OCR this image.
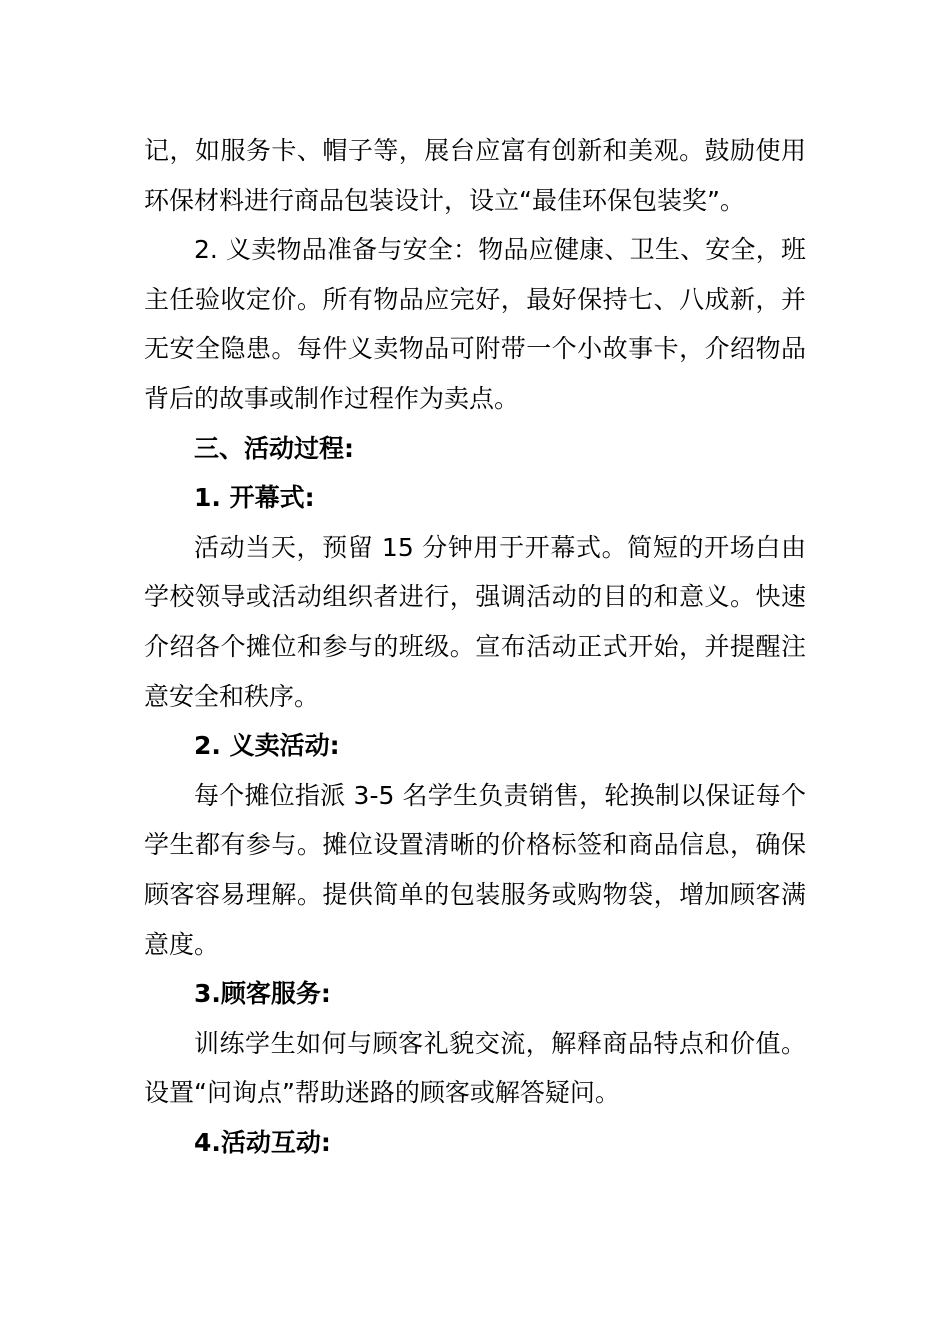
记，如服务卡、帽子等，展台应富有创新和美观。鼓励使用环保材料进行商品包装设计，设立“最佳环保包装奖”。

2. 义卖物品准备与安全：物品应健康、卫生、安全，班主任验收定价。所有物品应完好，最好保持七、八成新，并无安全隐患。每件义卖物品可附带一个小故事卡，介绍物品背后的故事或制作过程作为卖点。

三、活动过程:

1. 开幕式:

活动当天，预留 15 分钟用于开幕式。简短的开场白由学校领导或活动组织者进行，强调活动的目的和意义。快速介绍各个摊位和参与的班级。宣布活动正式开始，并提醒注意安全和秩序。

2. 义卖活动:

每个摊位指派 3-5 名学生负责销售，轮换制以保证每个学生都有参与。摊位设置清晰的价格标签和商品信息，确保顾客容易理解。提供简单的包装服务或购物袋，增加顾客满意度。

3.顾客服务:

训练学生如何与顾客礼貌交流，解释商品特点和价值。设置“问询点”帮助迷路的顾客或解答疑问。

4.活动互动:
